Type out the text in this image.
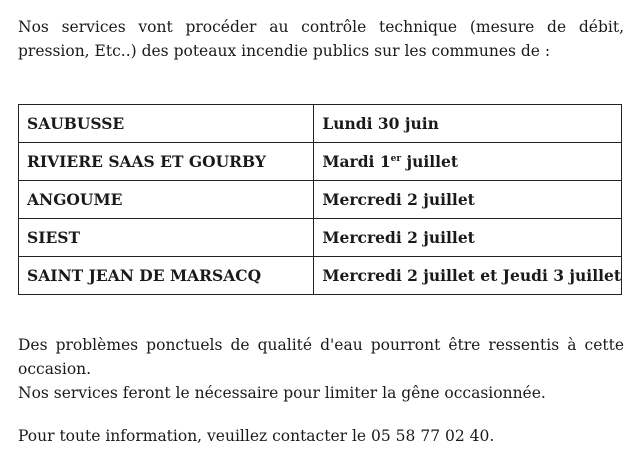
Nos services vont procéder au contrôle technique (mesure de débit, pression, Etc..) des poteaux incendie publics sur les communes de :

SAUBUSSE	Lundi 30 juin
RIVIERE SAAS ET GOURBY	Mardi 1er juillet
ANGOUME	Mercredi 2 juillet
SIEST	Mercredi 2 juillet
SAINT JEAN DE MARSACQ	Mercredi 2 juillet et Jeudi 3 juillet

Des problèmes ponctuels de qualité d'eau pourront être ressentis à cette occasion.

Nos services feront le nécessaire pour limiter la gêne occasionnée.

Pour toute information, veuillez contacter le 05 58 77 02 40.
